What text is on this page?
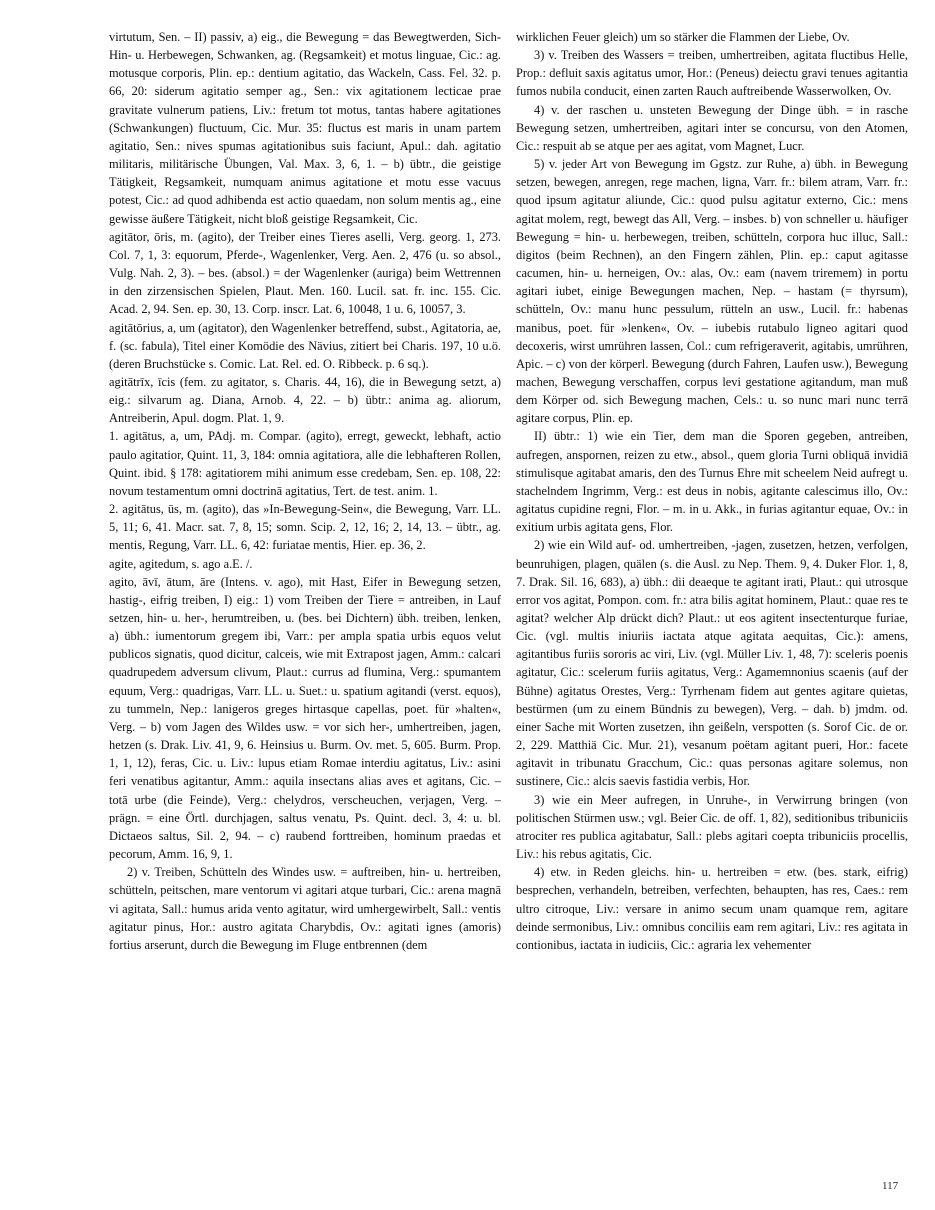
virtutum, Sen. – II) passiv, a) eig., die Bewegung = das Bewegtwerden, Sich- Hin- u. Herbewegen, Schwanken, ag. (Regsamkeit) et motus linguae, Cic.: ag. motusque corporis, Plin. ep.: dentium agitatio, das Wackeln, Cass. Fel. 32. p. 66, 20: siderum agitatio semper ag., Sen.: vix agitationem lecticae prae gravitate vulnerum patiens, Liv.: fretum tot motus, tantas habere agitationes (Schwankungen) fluctuum, Cic. Mur. 35: fluctus est maris in unam partem agitatio, Sen.: nives spumas agitationibus suis faciunt, Apul.: dah. agitatio militaris, militärische Übungen, Val. Max. 3, 6, 1. – b) übtr., die geistige Tätigkeit, Regsamkeit, numquam animus agitatione et motu esse vacuus potest, Cic.: ad quod adhibenda est actio quaedam, non solum mentis ag., eine gewisse äußere Tätigkeit, nicht bloß geistige Regsamkeit, Cic.

agitātor, ōris, m. (agito), der Treiber eines Tieres aselli, Verg. georg. 1, 273. Col. 7, 1, 3: equorum, Pferde-, Wagenlenker, Verg. Aen. 2, 476 (u. so absol., Vulg. Nah. 2, 3). – bes. (absol.) = der Wagenlenker (auriga) beim Wettrennen in den zirzensischen Spielen, Plaut. Men. 160. Lucil. sat. fr. inc. 155. Cic. Acad. 2, 94. Sen. ep. 30, 13. Corp. inscr. Lat. 6, 10048, 1 u. 6, 10057, 3.

agitātōrius, a, um (agitator), den Wagenlenker betreffend, subst., Agitatoria, ae, f. (sc. fabula), Titel einer Komödie des Nävius, zitiert bei Charis. 197, 10 u.ö. (deren Bruchstücke s. Comic. Lat. Rel. ed. O. Ribbeck. p. 6 sq.).

agitātrīx, īcis (fem. zu agitator, s. Charis. 44, 16), die in Bewegung setzt, a) eig.: silvarum ag. Diana, Arnob. 4, 22. – b) übtr.: anima ag. aliorum, Antreiberin, Apul. dogm. Plat. 1, 9.

1. agitātus, a, um, PAdj. m. Compar. (agito), erregt, geweckt, lebhaft, actio paulo agitatior, Quint. 11, 3, 184: omnia agitatiora, alle die lebhafteren Rollen, Quint. ibid. § 178: agitatiorem mihi animum esse credebam, Sen. ep. 108, 22: novum testamentum omni doctrinā agitatius, Tert. de test. anim. 1.

2. agitātus, ūs, m. (agito), das »In-Bewegung-Sein«, die Bewegung, Varr. LL. 5, 11; 6, 41. Macr. sat. 7, 8, 15; somn. Scip. 2, 12, 16; 2, 14, 13. – übtr., ag. mentis, Regung, Varr. LL. 6, 42: furiatae mentis, Hier. ep. 36, 2.

agite, agitedum, s. ago a.E. /.

agito, āvī, ātum, āre (Intens. v. ago), mit Hast, Eifer in Bewegung setzen, hastig-, eifrig treiben, I) eig.: 1) vom Treiben der Tiere = antreiben, in Lauf setzen, hin- u. her-, herumtreiben, u. (bes. bei Dichtern) übh. treiben, lenken, a) übh.: iumentorum gregem ibi, Varr.: per ampla spatia urbis equos velut publicos signatis, quod dicitur, calceis, wie mit Extrapost jagen, Amm.: calcari quadrupedem adversum clivum, Plaut.: currus ad flumina, Verg.: spumantem equum, Verg.: quadrigas, Varr. LL. u. Suet.: u. spatium agitandi (verst. equos), zu tummeln, Nep.: lanigeros greges hirtasque capellas, poet. für »halten«, Verg. – b) vom Jagen des Wildes usw. = vor sich her-, umhertreiben, jagen, hetzen (s. Drak. Liv. 41, 9, 6. Heinsius u. Burm. Ov. met. 5, 605. Burm. Prop. 1, 1, 12), feras, Cic. u. Liv.: lupus etiam Romae interdiu agitatus, Liv.: asini feri venatibus agitantur, Amm.: aquila insectans alias aves et agitans, Cic. – totā urbe (die Feinde), Verg.: chelydros, verscheuchen, verjagen, Verg. – prägn. = eine Örtl. durchjagen, saltus venatu, Ps. Quint. decl. 3, 4: u. bl. Dictaeos saltus, Sil. 2, 94. – c) raubend forttreiben, hominum praedas et pecorum, Amm. 16, 9, 1.

2) v. Treiben, Schütteln des Windes usw. = auftreiben, hin- u. hertreiben, schütteln, peitschen, mare ventorum vi agitari atque turbari, Cic.: arena magnā vi agitata, Sall.: humus arida vento agitatur, wird umhergewirbelt, Sall.: ventis agitatur pinus, Hor.: austro agitata Charybdis, Ov.: agitati ignes (amoris) fortius arserunt, durch die Bewegung im Fluge entbrennen (dem

wirklichen Feuer gleich) um so stärker die Flammen der Liebe, Ov.

3) v. Treiben des Wassers = treiben, umhertreiben, agitata fluctibus Helle, Prop.: defluit saxis agitatus umor, Hor.: (Peneus) deiectu gravi tenues agitantia fumos nubila conducit, einen zarten Rauch auftreibende Wasserwolken, Ov.

4) v. der raschen u. unsteten Bewegung der Dinge übh. = in rasche Bewegung setzen, umhertreiben, agitari inter se concursu, von den Atomen, Cic.: respuit ab se atque per aes agitat, vom Magnet, Lucr.

5) v. jeder Art von Bewegung im Ggstz. zur Ruhe, a) übh. in Bewegung setzen, bewegen, anregen, rege machen, ligna, Varr. fr.: bilem atram, Varr. fr.: quod ipsum agitatur aliunde, Cic.: quod pulsu agitatur externo, Cic.: mens agitat molem, regt, bewegt das All, Verg. – insbes. b) von schneller u. häufiger Bewegung = hin- u. herbewegen, treiben, schütteln, corpora huc illuc, Sall.: digitos (beim Rechnen), an den Fingern zählen, Plin. ep.: caput agitasse cacumen, hin- u. herneigen, Ov.: alas, Ov.: eam (navem triremem) in portu agitari iubet, einige Bewegungen machen, Nep. – hastam (= thyrsum), schütteln, Ov.: manu hunc pessulum, rütteln an usw., Lucil. fr.: habenas manibus, poet. für »lenken«, Ov. – iubebis rutabulo ligneo agitari quod decoxeris, wirst umrühren lassen, Col.: cum refrigeraverit, agitabis, umrühren, Apic. – c) von der körperl. Bewegung (durch Fahren, Laufen usw.), Bewegung machen, Bewegung verschaffen, corpus levi gestatione agitandum, man muß dem Körper od. sich Bewegung machen, Cels.: u. so nunc mari nunc terrā agitare corpus, Plin. ep.

II) übtr.: 1) wie ein Tier, dem man die Sporen gegeben, antreiben, aufregen, anspornen, reizen zu etw., absol., quem gloria Turni obliquā invidiā stimulisque agitabat amaris, den des Turnus Ehre mit scheelem Neid aufregt u. stachelndem Ingrimm, Verg.: est deus in nobis, agitante calescimus illo, Ov.: agitatus cupidine regni, Flor. – m. in u. Akk., in furias agitantur equae, Ov.: in exitium urbis agitata gens, Flor.

2) wie ein Wild auf- od. umhertreiben, -jagen, zusetzen, hetzen, verfolgen, beunruhigen, plagen, quälen (s. die Ausl. zu Nep. Them. 9, 4. Duker Flor. 1, 8, 7. Drak. Sil. 16, 683), a) übh.: dii deaeque te agitant irati, Plaut.: qui utrosque error vos agitat, Pompon. com. fr.: atra bilis agitat hominem, Plaut.: quae res te agitat? welcher Alp drückt dich? Plaut.: ut eos agitent insectenturque furiae, Cic. (vgl. multis iniuriis iactata atque agitata aequitas, Cic.): amens, agitantibus furiis sororis ac viri, Liv. (vgl. Müller Liv. 1, 48, 7): sceleris poenis agitatur, Cic.: scelerum furiis agitatus, Verg.: Agamemnonius scaenis (auf der Bühne) agitatus Orestes, Verg.: Tyrrhenam fidem aut gentes agitare quietas, bestürmen (um zu einem Bündnis zu bewegen), Verg. – dah. b) jmdm. od. einer Sache mit Worten zusetzen, ihn geißeln, verspotten (s. Sorof Cic. de or. 2, 229. Matthiä Cic. Mur. 21), vesanum poëtam agitant pueri, Hor.: facete agitavit in tribunatu Gracchum, Cic.: quas personas agitare solemus, non sustinere, Cic.: alcis saevis fastidia verbis, Hor.

3) wie ein Meer aufregen, in Unruhe-, in Verwirrung bringen (von politischen Stürmen usw.; vgl. Beier Cic. de off. 1, 82), seditionibus tribuniciis atrociter res publica agitabatur, Sall.: plebs agitari coepta tribuniciis procellis, Liv.: his rebus agitatis, Cic.

4) etw. in Reden gleichs. hin- u. hertreiben = etw. (bes. stark, eifrig) besprechen, verhandeln, betreiben, verfechten, behaupten, has res, Caes.: rem ultro citroque, Liv.: versare in animo secum unam quamque rem, agitare deinde sermonibus, Liv.: omnibus conciliis eam rem agitari, Liv.: res agitata in contionibus, iactata in iudiciis, Cic.: agraria lex vehementer

117
